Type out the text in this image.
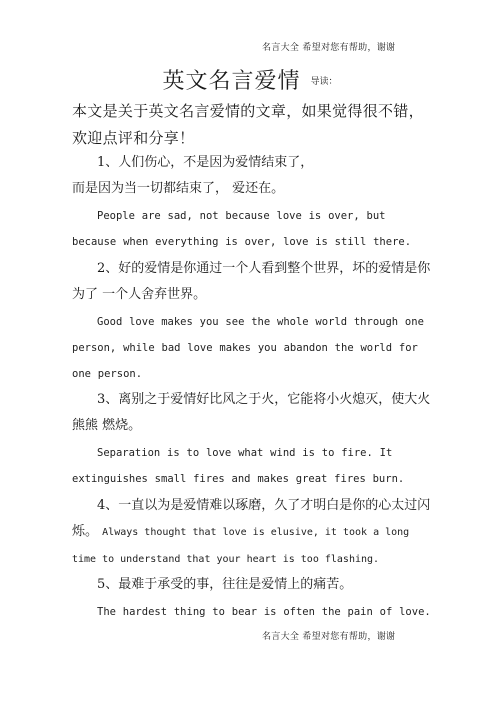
名言大全 希望对您有帮助，谢谢
英文名言爱情 $^{导读:}$
本文是关于英文名言爱情的文章，如果觉得很不错，欢迎点评和分享！
1、人们伤心，不是因为爱情结束了，
而是因为当一切都结束了， 爱还在。
People are sad, not because love is over, but because when everything is over, love is still there.
2、好的爱情是你通过一个人看到整个世界，坏的爱情是你为了 一个人舍弃世界。
Good love makes you see the whole world through one person, while bad love makes you abandon the world for one person.
3、离别之于爱情好比风之于火，它能将小火熄灭，使大火熊熊 燃烧。
Separation is to love what wind is to fire. It extinguishes small fires and makes great fires burn.
4、一直以为是爱情难以琢磨，久了才明白是你的心太过闪烁。 Always thought that love is elusive, it took a long time to understand that your heart is too flashing.
5、最难于承受的事，往往是爱情上的痛苦。
The hardest thing to bear is often the pain of love.
名言大全 希望对您有帮助，谢谢
